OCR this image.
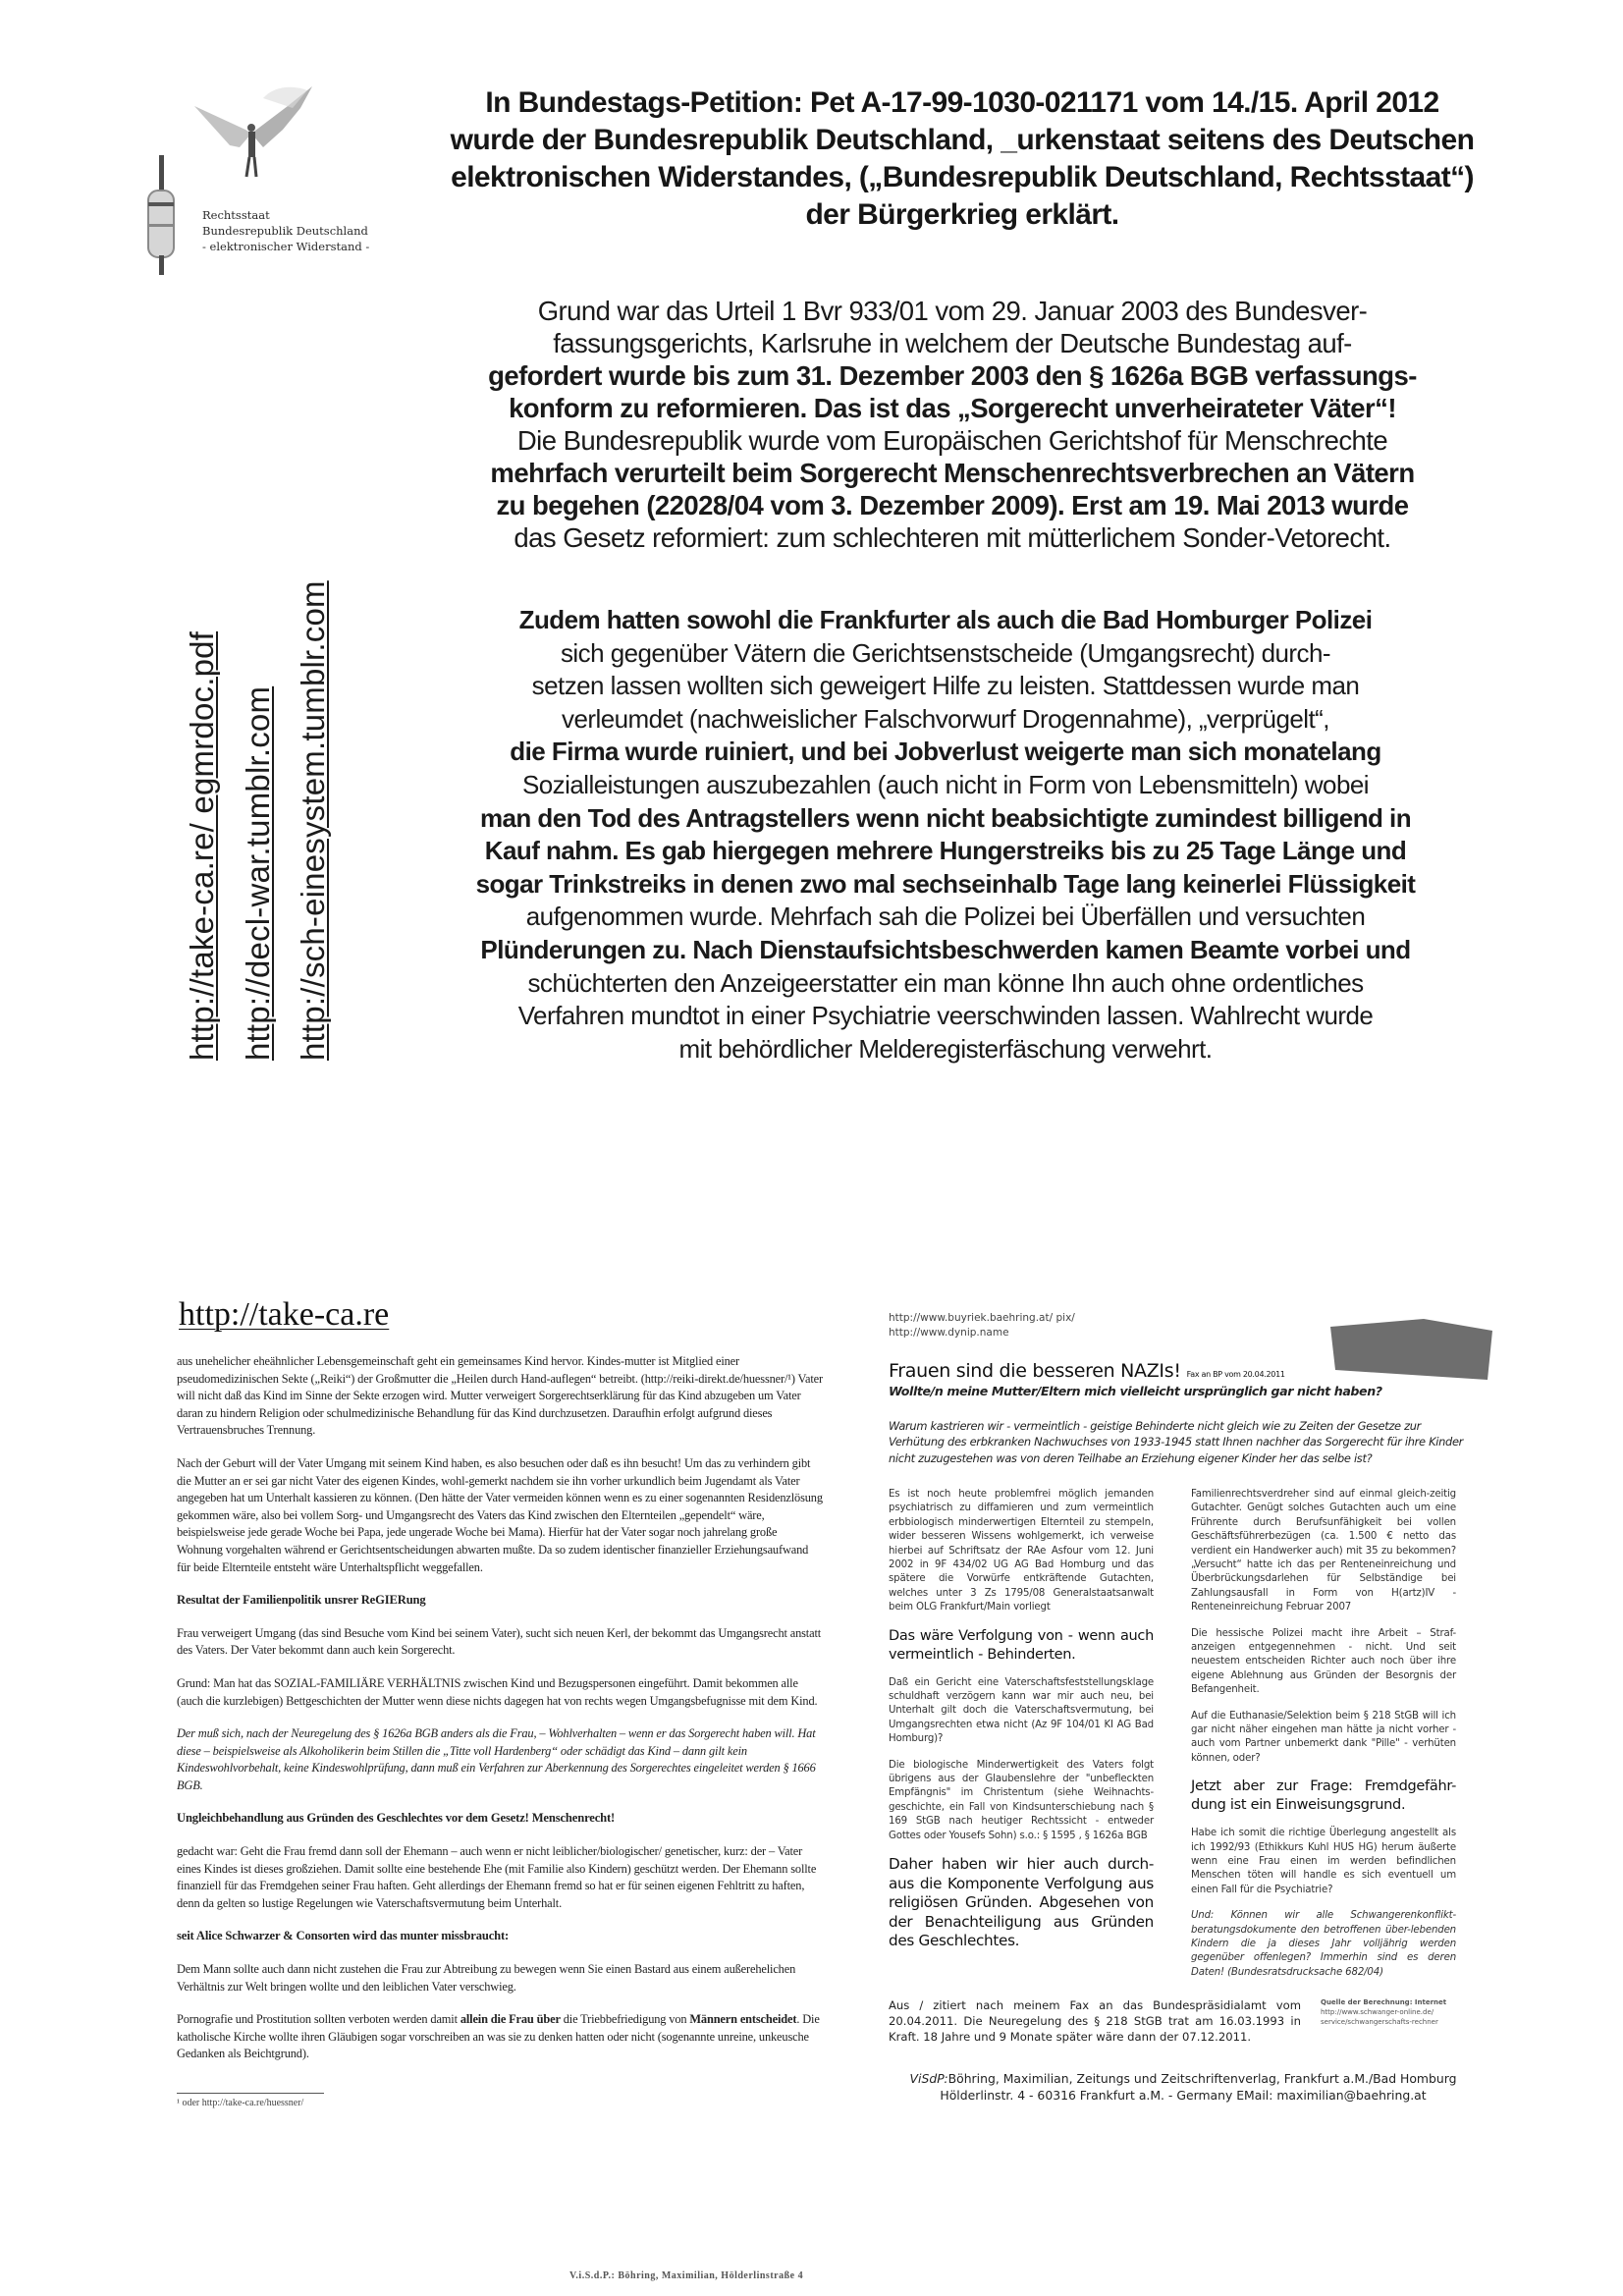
Rechtsstaat
Bundesrepublik Deutschland
- elektronischer Widerstand -
In Bundestags-Petition: Pet A-17-99-1030-021171 vom 14./15. April 2012
wurde der Bundesrepublik Deutschland, _urkenstaat seitens des Deutschen
elektronischen Widerstandes, („Bundesrepublik Deutschland, Rechtsstaat“)
der Bürgerkrieg erklärt.
http://take-ca.re/ egmrdoc.pdf http://decl-war.tumblr.com http://sch-einesystem.tumblr.com
Grund war das Urteil 1 Bvr 933/01 vom 29. Januar 2003 des Bundesver-
fassungsgerichts, Karlsruhe in welchem der Deutsche Bundestag auf-
gefordert wurde bis zum 31. Dezember 2003 den § 1626a BGB verfassungs-
konform zu reformieren. Das ist das „Sorgerecht unverheirateter Väter“!
Die Bundesrepublik wurde vom Europäischen Gerichtshof für Menschrechte
mehrfach verurteilt beim Sorgerecht Menschenrechtsverbrechen an Vätern
zu begehen (22028/04 vom 3. Dezember 2009). Erst am 19. Mai 2013 wurde
das Gesetz reformiert: zum schlechteren mit mütterlichem Sonder-Vetorecht.
Zudem hatten sowohl die Frankfurter als auch die Bad Homburger Polizei
sich gegenüber Vätern die Gerichtsenstscheide (Umgangsrecht) durch-
setzen lassen wollten sich geweigert Hilfe zu leisten. Stattdessen wurde man
verleumdet (nachweislicher Falschvorwurf Drogennahme), „verprügelt“,
die Firma wurde ruiniert, und bei Jobverlust weigerte man sich monatelang
Sozialleistungen auszubezahlen (auch nicht in Form von Lebensmitteln) wobei
man den Tod des Antragstellers wenn nicht beabsichtigte zumindest billigend in
Kauf nahm. Es gab hiergegen mehrere Hungerstreiks bis zu 25 Tage Länge und
sogar Trinkstreiks in denen zwo mal sechseinhalb Tage lang keinerlei Flüssigkeit
aufgenommen wurde. Mehrfach sah die Polizei bei Überfällen und versuchten
Plünderungen zu. Nach Dienstaufsichtsbeschwerden kamen Beamte vorbei und
schüchterten den Anzeigeerstatter ein man könne Ihn auch ohne ordentliches
Verfahren mundtot in einer Psychiatrie veerschwinden lassen. Wahlrecht wurde
mit behördlicher Melderegisterfäschung verwehrt.
http://take-ca.re

aus unehelicher eheähnlicher Lebensgemeinschaft geht ein gemeinsames Kind hervor. Kindes-mutter ist Mitglied einer pseudomedizinischen Sekte („Reiki“) der Großmutter die „Heilen durch Hand-auflegen“ betreibt. (http://reiki-direkt.de/huessner/¹) Vater will nicht daß das Kind im Sinne der Sekte erzogen wird. Mutter verweigert Sorgerechtserklärung für das Kind abzugeben um Vater daran zu hindern Religion oder schulmedizinische Behandlung für das Kind durchzusetzen. Daraufhin erfolgt aufgrund dieses Vertrauensbruches Trennung.

Nach der Geburt will der Vater Umgang mit seinem Kind haben, es also besuchen oder daß es ihn besucht! Um das zu verhindern gibt die Mutter an er sei gar nicht Vater des eigenen Kindes, wohl-gemerkt nachdem sie ihn vorher urkundlich beim Jugendamt als Vater angegeben hat um Unterhalt kassieren zu können. (Den hätte der Vater vermeiden können wenn es zu einer sogenannten Residenzlösung gekommen wäre, also bei vollem Sorg- und Umgangsrecht des Vaters das Kind zwischen den Elternteilen „gependelt“ wäre, beispielsweise jede gerade Woche bei Papa, jede ungerade Woche bei Mama). Hierfür hat der Vater sogar noch jahrelang große Wohnung vorgehalten während er Gerichtsentscheidungen abwarten mußte. Da so zudem identischer finanzieller Erziehungsaufwand für beide Elternteile entsteht wäre Unterhaltspflicht weggefallen.

Resultat der Familienpolitik unsrer ReGIERung

Frau verweigert Umgang (das sind Besuche vom Kind bei seinem Vater), sucht sich neuen Kerl, der bekommt das Umgangsrecht anstatt des Vaters. Der Vater bekommt dann auch kein Sorgerecht.

Grund: Man hat das SOZIAL-FAMILIÄRE VERHÄLTNIS zwischen Kind und Bezugspersonen eingeführt. Damit bekommen alle (auch die kurzlebigen) Bettgeschichten der Mutter wenn diese nichts dagegen hat von rechts wegen Umgangsbefugnisse mit dem Kind.

Der muß sich, nach der Neuregelung des § 1626a BGB anders als die Frau, – Wohlverhalten – wenn er das Sorgerecht haben will. Hat diese – beispielsweise als Alkoholikerin beim Stillen die „Titte voll Hardenberg“ oder schädigt das Kind – dann gilt kein Kindeswohlvorbehalt, keine Kindeswohlprüfung, dann muß ein Verfahren zur Aberkennung des Sorgerechtes eingeleitet werden § 1666 BGB.

Ungleichbehandlung aus Gründen des Geschlechtes vor dem Gesetz! Menschenrecht!

gedacht war: Geht die Frau fremd dann soll der Ehemann – auch wenn er nicht leiblicher/biologischer/ genetischer, kurz: der – Vater eines Kindes ist dieses großziehen. Damit sollte eine bestehende Ehe (mit Familie also Kindern) geschützt werden. Der Ehemann sollte finanziell für das Fremdgehen seiner Frau haften. Geht allerdings der Ehemann fremd so hat er für seinen eigenen Fehltritt zu haften, denn da gelten so lustige Regelungen wie Vaterschaftsvermutung beim Unterhalt.

seit Alice Schwarzer & Consorten wird das munter missbraucht:

Dem Mann sollte auch dann nicht zustehen die Frau zur Abtreibung zu bewegen wenn Sie einen Bastard aus einem außerehelichen Verhältnis zur Welt bringen wollte und den leiblichen Vater verschwieg.

Pornografie und Prostitution sollten verboten werden damit allein die Frau über die Triebbefriedigung von Männern entscheidet. Die katholische Kirche wollte ihren Gläubigen sogar vorschreiben an was sie zu denken hatten oder nicht (sogenannte unreine, unkeusche Gedanken als Beichtgrund).

¹ oder http://take-ca.re/huessner/
V.i.S.d.P.: Böhring, Maximilian, Hölderlinstraße 4
http://www.buyriek.baehring.at/ pix/
http://www.dynip.name
Frauen sind die besseren NAZIs! Fax an BP vom 20.04.2011
Wollte/n meine Mutter/Eltern mich vielleicht ursprünglich gar nicht haben?
Warum kastrieren wir - vermeintlich - geistige Behinderte nicht gleich wie zu Zeiten der Gesetze zur Verhütung des erbkranken Nachwuchses von 1933-1945 statt Ihnen nachher das Sorgerecht für ihre Kinder nicht zuzugestehen was von deren Teilhabe an Erziehung eigener Kinder her das selbe ist?

Es ist noch heute problemfrei möglich jemanden psychiatrisch zu diffamieren und zum vermeintlich erbbiologisch minderwertigen Elternteil zu stempeln, wider besseren Wissens wohlgemerkt, ich verweise hierbei auf Schriftsatz der RAe Asfour vom 12. Juni 2002 in 9F 434/02 UG AG Bad Homburg und das spätere die Vorwürfe entkräftende Gutachten, welches unter 3 Zs 1795/08 Generalstaatsanwalt beim OLG Frankfurt/Main vorliegt

Das wäre Verfolgung von - wenn auch vermeintlich - Behinderten.

Daß ein Gericht eine Vaterschaftsfeststellungsklage schuldhaft verzögern kann war mir auch neu, bei Unterhalt gilt doch die Vaterschaftsvermutung, bei Umgangsrechten etwa nicht (Az 9F 104/01 KI AG Bad Homburg)?

Die biologische Minderwertigkeit des Vaters folgt übrigens aus der Glaubenslehre der "unbefleckten Empfängnis" im Christentum (siehe Weihnachts-geschichte, ein Fall von Kindsunterschiebung nach § 169 StGB nach heutiger Rechtssicht - entweder Gottes oder Yousefs Sohn) s.o.: § 1595 , § 1626a BGB

Daher haben wir hier auch durch-aus die Komponente Verfolgung aus religiösen Gründen. Abgesehen von der Benachteiligung aus Gründen des Geschlechtes.

Familienrechtsverdreher sind auf einmal gleich-zeitig Gutachter. Genügt solches Gutachten auch um eine Frührente durch Berufsunfähigkeit bei vollen Geschäftsführerbezügen (ca. 1.500 € netto das verdient ein Handwerker auch) mit 35 zu bekommen? „Versucht“ hatte ich das per Renteneinreichung und Überbrückungsdarlehen für Selbständige bei Zahlungsausfall in Form von H(artz)IV - Renteneinreichung Februar 2007

Die hessische Polizei macht ihre Arbeit – Straf-anzeigen entgegennehmen - nicht. Und seit neuestem entscheiden Richter auch noch über ihre eigene Ablehnung aus Gründen der Besorgnis der Befangenheit.

Auf die Euthanasie/Selektion beim § 218 StGB will ich gar nicht näher eingehen man hätte ja nicht vorher - auch vom Partner unbemerkt dank "Pille" - verhüten können, oder?

Jetzt aber zur Frage: Fremdgefähr-dung ist ein Einweisungsgrund.

Habe ich somit die richtige Überlegung angestellt als ich 1992/93 (Ethikkurs Kuhl HUS HG) herum äußerte wenn eine Frau einen im werden befindlichen Menschen töten will handle es sich eventuell um einen Fall für die Psychiatrie?

Und: Können wir alle Schwangerenkonflikt-beratungsdokumente den betroffenen über-lebenden Kindern die ja dieses Jahr volljährig werden gegenüber offenlegen? Immerhin sind es deren Daten! (Bundesratsdrucksache 682/04)

Aus / zitiert nach meinem Fax an das Bundespräsidialamt vom 20.04.2011. Die Neuregelung des § 218 StGB trat am 16.03.1993 in Kraft. 18 Jahre und 9 Monate später wäre dann der 07.12.2011.
Quelle der Berechnung: Internet
http://www.schwanger-online.de/ service/schwangerschafts-rechner
ViSdP:Böhring, Maximilian, Zeitungs und Zeitschriftenverlag, Frankfurt a.M./Bad Homburg
Hölderlinstr. 4 - 60316 Frankfurt a.M. - Germany EMail: maximilian@baehring.at
